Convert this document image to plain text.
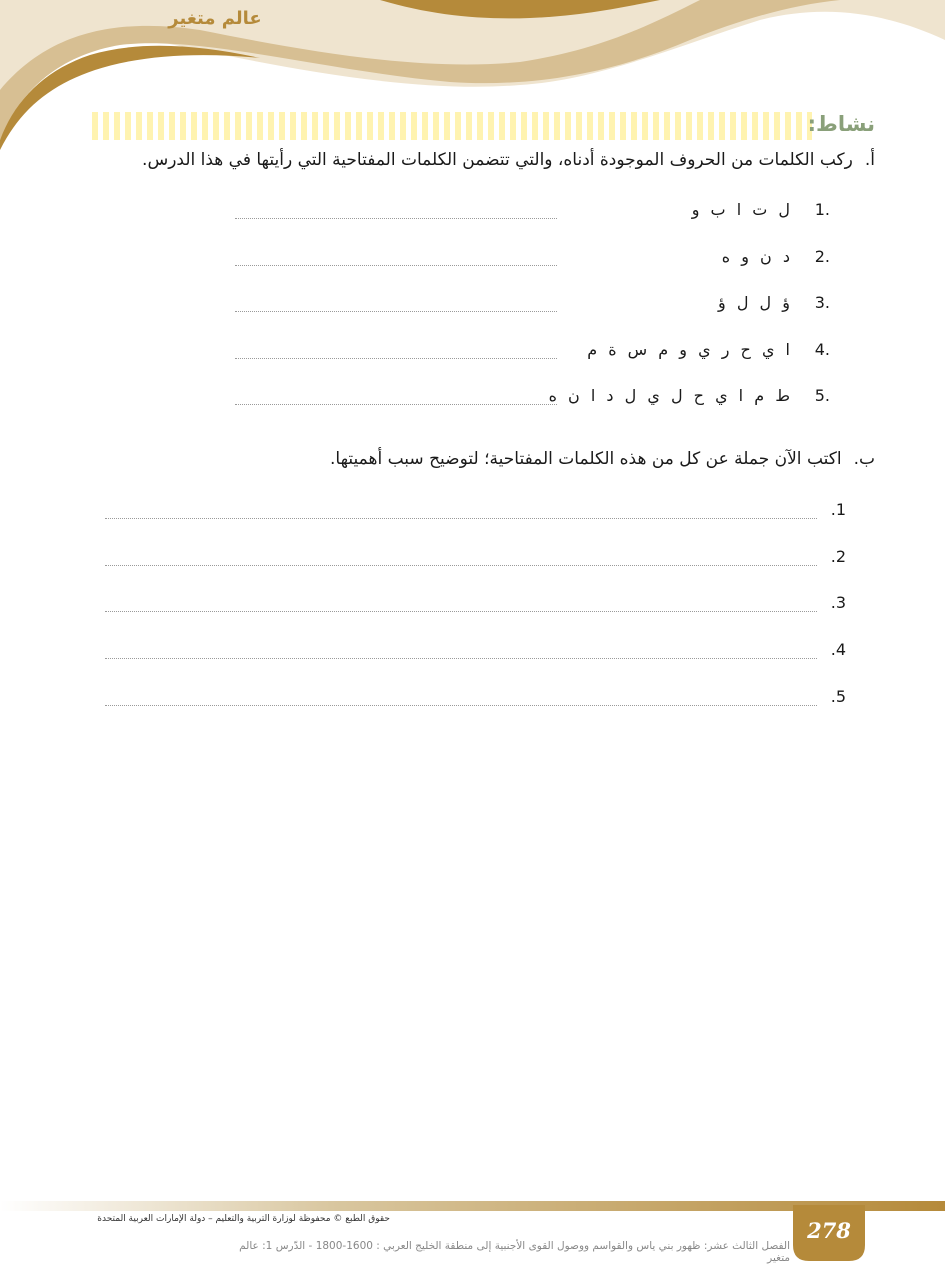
عالم متغير
نشاط:
أ.ركب الكلمات من الحروف الموجودة أدناه، والتي تتضمن الكلمات المفتاحية التي رأيتها في هذا الدرس.
1.
ل ت ا ب و
2.
د ن و ه
3.
ؤ ل ل ؤ
4.
ا ي ح ر ي و م س ة م
5.
ط م ا ي ح ل ي ل د ا ن ه
ب.اكتب الآن جملة عن كل من هذه الكلمات المفتاحية؛ لتوضيح سبب أهميتها.
1.
2.
3.
4.
5.
278
حقوق الطبع © محفوظة لوزارة التربية والتعليم – دولة الإمارات العربية المتحدة
الفصل الثالث عشر: ظهور بني ياس والقواسم ووصول القوى الأجنبية إلى منطقة الخليج العربي : 1600-1800 - الدّرس 1: عالم متغير
